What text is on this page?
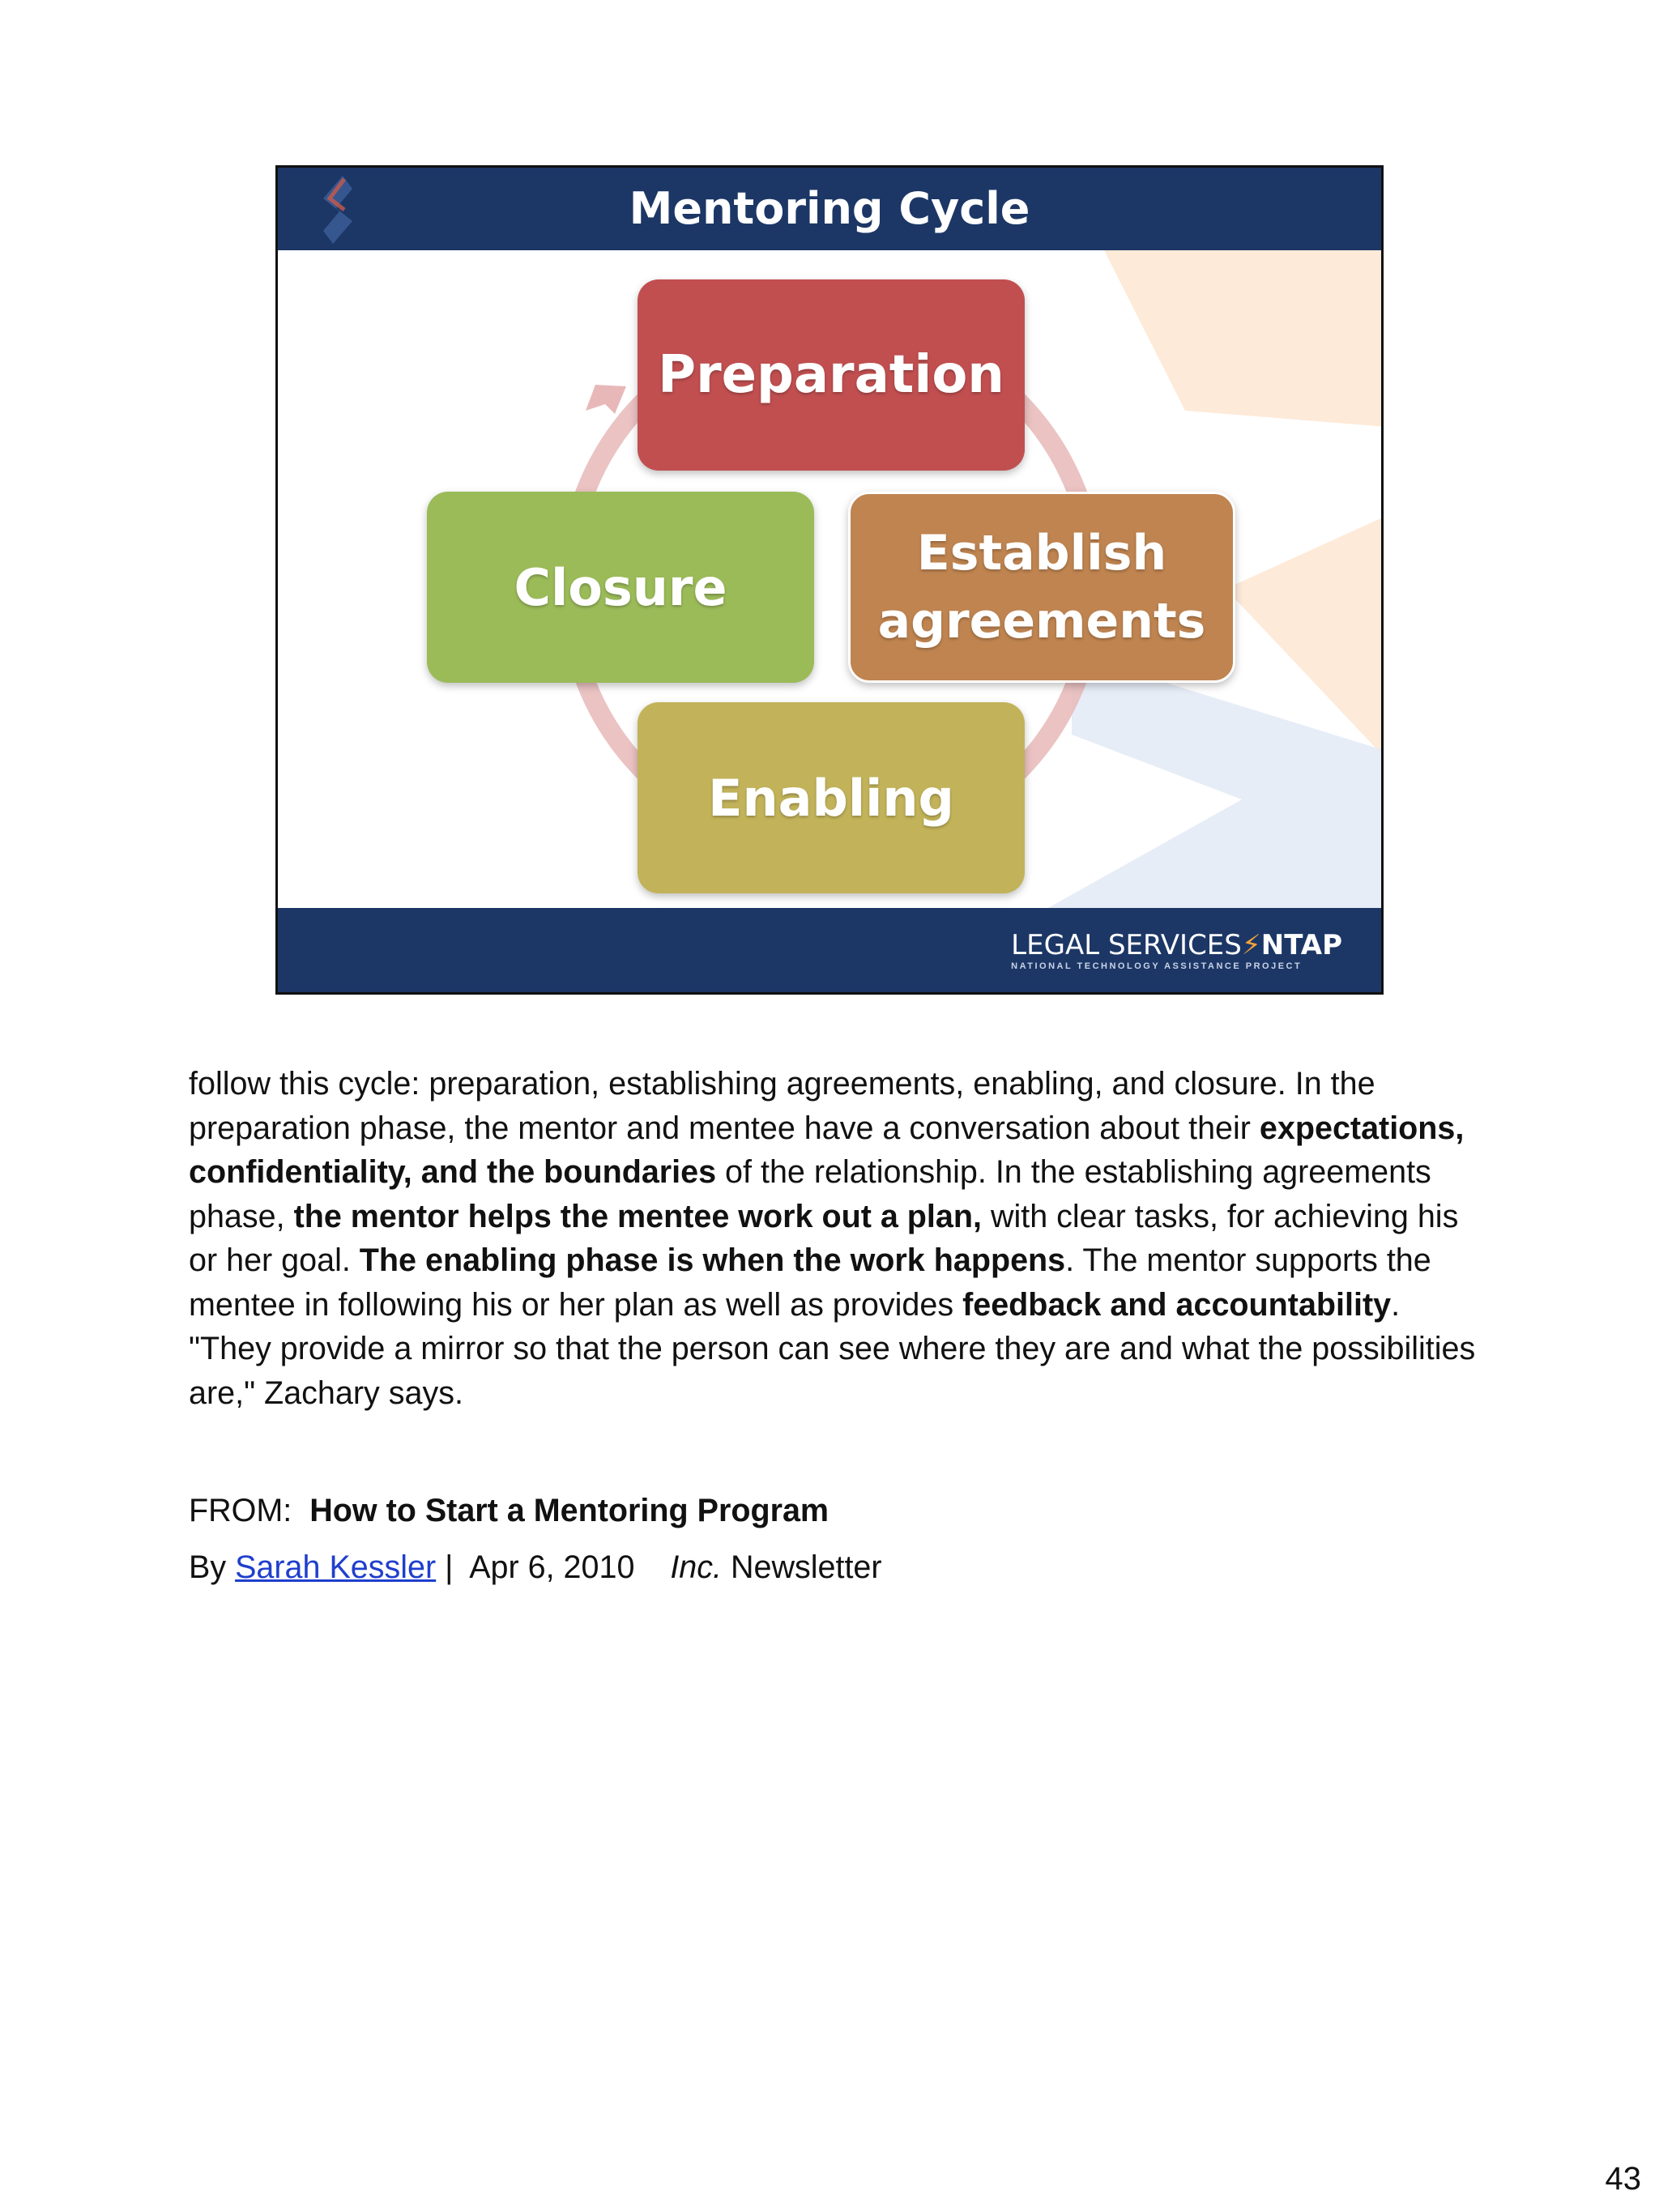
Mentoring Cycle
Preparation
Closure
Establish
agreements
Enabling
LEGAL SERVICES⚡NTAP
NATIONAL TECHNOLOGY ASSISTANCE PROJECT

follow this cycle: preparation, establishing agreements, enabling, and closure. In the preparation phase, the mentor and mentee have a conversation about their expectations, confidentiality, and the boundaries of the relationship. In the establishing agreements phase, the mentor helps the mentee work out a plan, with clear tasks, for achieving his or her goal. The enabling phase is when the work happens. The mentor supports the mentee in following his or her plan as well as provides feedback and accountability. "They provide a mirror so that the person can see where they are and what the possibilities are," Zachary says.

FROM:  How to Start a Mentoring Program

By Sarah Kessler |  Apr 6, 2010 Inc. Newsletter

43
